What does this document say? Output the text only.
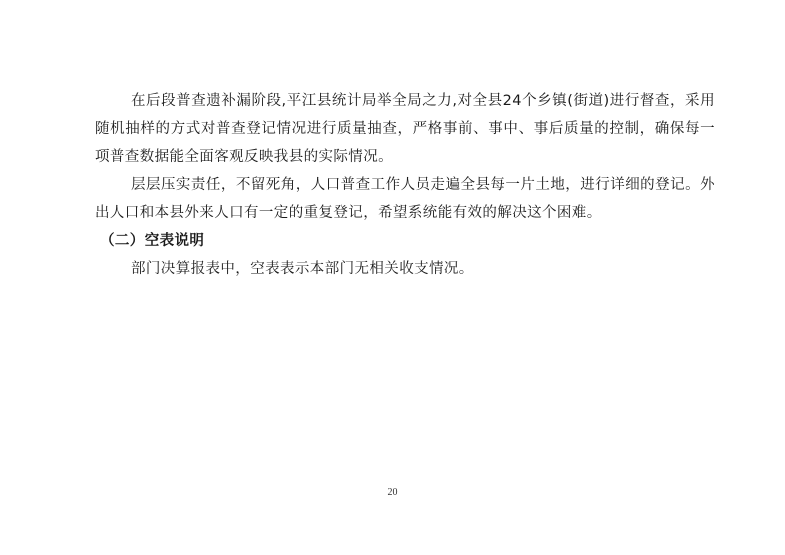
在后段普查遗补漏阶段,平江县统计局举全局之力,对全县24个乡镇(街道)进行督查，采用随机抽样的方式对普查登记情况进行质量抽查，严格事前、事中、事后质量的控制，确保每一项普查数据能全面客观反映我县的实际情况。

层层压实责任，不留死角，人口普查工作人员走遍全县每一片土地，进行详细的登记。外出人口和本县外来人口有一定的重复登记，希望系统能有效的解决这个困难。

（二）空表说明

部门决算报表中，空表表示本部门无相关收支情况。

20
